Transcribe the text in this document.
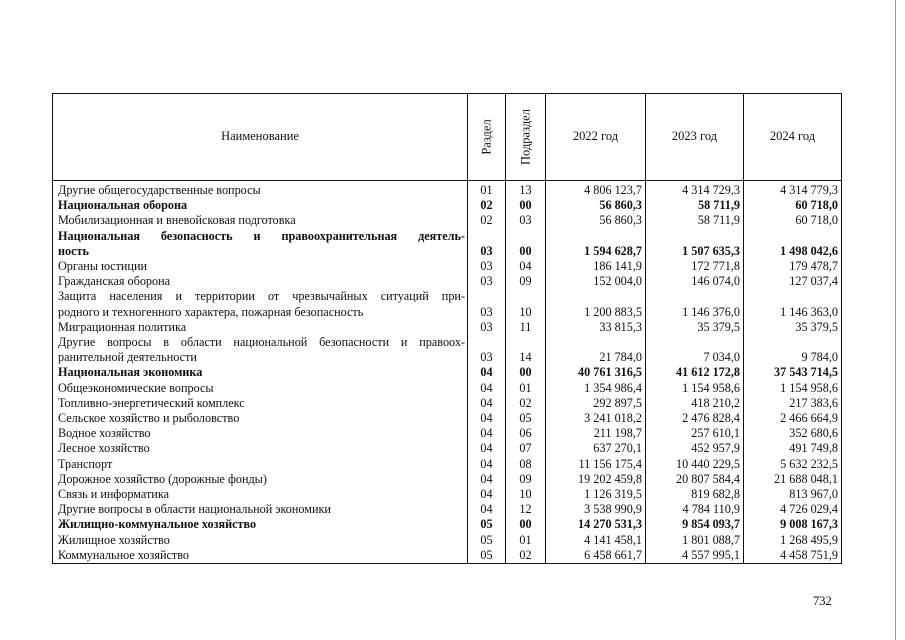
Наименование	Раздел	Подраздел	2022 год	2023 год	2024 год

Другие общегосударственные вопросы	01	13	4 806 123,7	4 314 729,3	4 314 779,3

Национальная оборона	02	00	56 860,3	58 711,9	60 718,0

Мобилизационная и вневойсковая подготовка	02	03	56 860,3	58 711,9	60 718,0

Национальная безопасность и правоохранительная деятель-
ность	03	00	1 594 628,7	1 507 635,3	1 498 042,6

Органы юстиции	03	04	186 141,9	172 771,8	179 478,7

Гражданская оборона	03	09	152 004,0	146 074,0	127 037,4

Защита населения и территории от чрезвычайных ситуаций при-
родного и техногенного характера, пожарная безопасность	03	10	1 200 883,5	1 146 376,0	1 146 363,0

Миграционная политика	03	11	33 815,3	35 379,5	35 379,5

Другие вопросы в области национальной безопасности и правоох-
ранительной деятельности	03	14	21 784,0	7 034,0	9 784,0

Национальная экономика	04	00	40 761 316,5	41 612 172,8	37 543 714,5

Общеэкономические вопросы	04	01	1 354 986,4	1 154 958,6	1 154 958,6

Топливно-энергетический комплекс	04	02	292 897,5	418 210,2	217 383,6

Сельское хозяйство и рыболовство	04	05	3 241 018,2	2 476 828,4	2 466 664,9

Водное хозяйство	04	06	211 198,7	257 610,1	352 680,6

Лесное хозяйство	04	07	637 270,1	452 957,9	491 749,8

Транспорт	04	08	11 156 175,4	10 440 229,5	5 632 232,5

Дорожное хозяйство (дорожные фонды)	04	09	19 202 459,8	20 807 584,4	21 688 048,1

Связь и информатика	04	10	1 126 319,5	819 682,8	813 967,0

Другие вопросы в области национальной экономики	04	12	3 538 990,9	4 784 110,9	4 726 029,4

Жилищно-коммунальное хозяйство	05	00	14 270 531,3	9 854 093,7	9 008 167,3

Жилищное хозяйство	05	01	4 141 458,1	1 801 088,7	1 268 495,9

Коммунальное хозяйство	05	02	6 458 661,7	4 557 995,1	4 458 751,9
732
